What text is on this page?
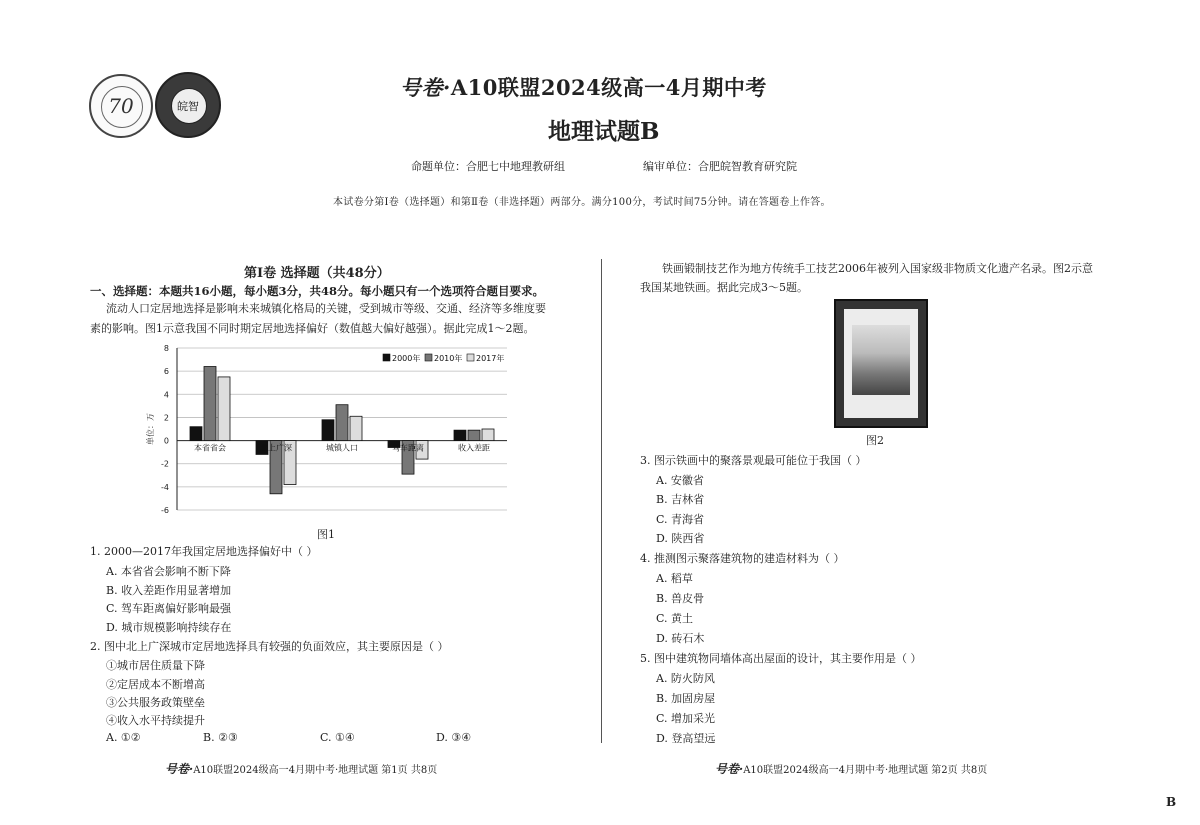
70	皖智
号卷·A10联盟2024级高一4月期中考
地理试题B
命题单位：合肥七中地理教研组	编审单位：合肥皖智教育研究院
本试卷分第Ⅰ卷（选择题）和第Ⅱ卷（非选择题）两部分。满分100分，考试时间75分钟。请在答题卷上作答。
第Ⅰ卷 选择题（共48分）
一、选择题：本题共16小题，每小题3分，共48分。每小题只有一个选项符合题目要求。
流动人口定居地选择是影响未来城镇化格局的关键，受到城市等级、交通、经济等多维度要
素的影响。图1示意我国不同时期定居地选择偏好（数值越大偏好越强）。据此完成1～2题。
-6
-4
-2
0
2
4
6
8
单位：万
本省省会	北上广深	城镇人口	驾车距离	收入差距
2000年 2010年 2017年
图1
1. 2000—2017年我国定居地选择偏好中（ ）
A. 本省省会影响不断下降
B. 收入差距作用显著增加
C. 驾车距离偏好影响最强
D. 城市规模影响持续存在
2. 图中北上广深城市定居地选择具有较强的负面效应，其主要原因是（ ）
①城市居住质量下降
②定居成本不断增高
③公共服务政策壁垒
④收入水平持续提升
A. ①②	B. ②③	C. ①④	D. ③④
铁画锻制技艺作为地方传统手工技艺2006年被列入国家级非物质文化遗产名录。图2示意
我国某地铁画。据此完成3～5题。
图2
3. 图示铁画中的聚落景观最可能位于我国（ ）
A. 安徽省
B. 吉林省
C. 青海省
D. 陕西省
4. 推测图示聚落建筑物的建造材料为（ ）
A. 稻草
B. 兽皮骨
C. 黄土
D. 砖石木
5. 图中建筑物同墙体高出屋面的设计，其主要作用是（ ）
A. 防火防风
B. 加固房屋
C. 增加采光
D. 登高望远
号卷·A10联盟2024级高一4月期中考·地理试题 第1页 共8页	号卷·A10联盟2024级高一4月期中考·地理试题 第2页 共8页
B
